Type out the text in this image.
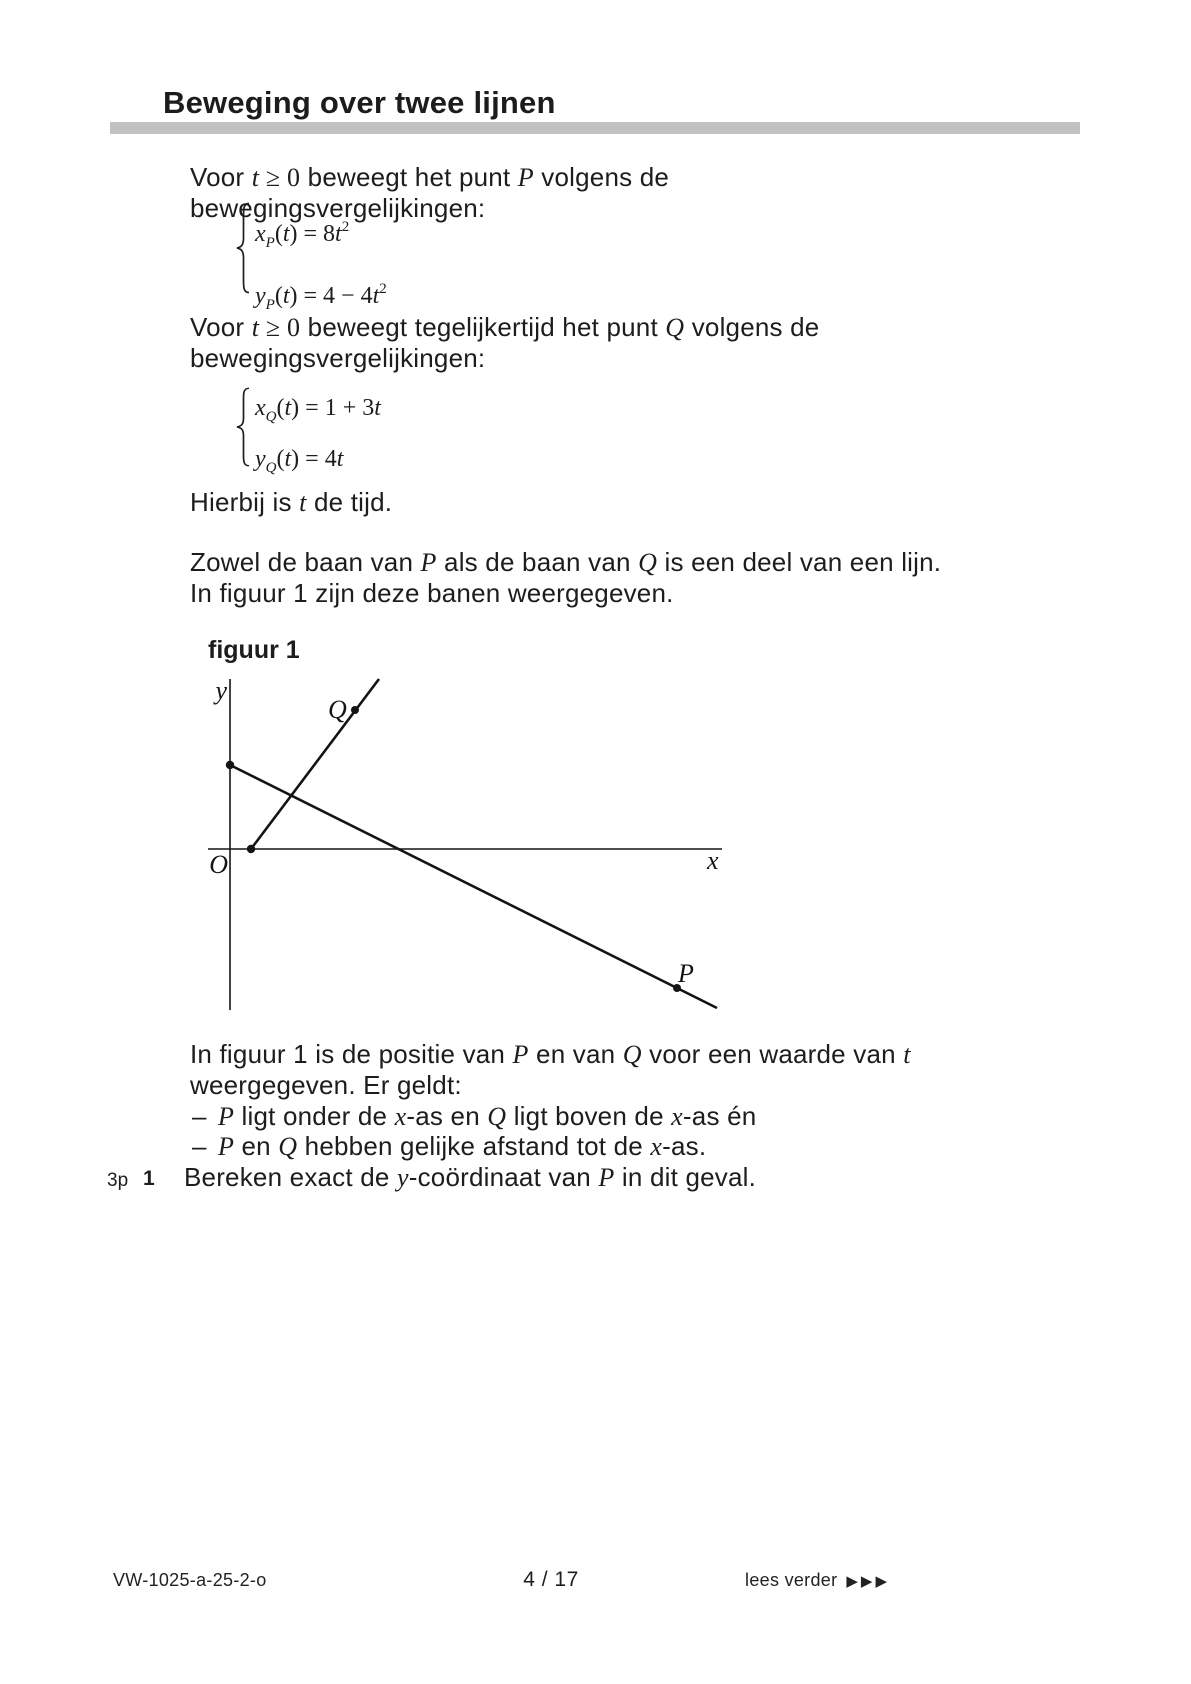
Beweging over twee lijnen
Voor t ≥ 0 beweegt het punt P volgens de bewegingsvergelijkingen:
$x_P(t) = 8t^2$
$y_P(t) = 4 - 4t^2$
Voor t ≥ 0 beweegt tegelijkertijd het punt Q volgens de
bewegingsvergelijkingen:
$x_Q(t) = 1 + 3t$
$y_Q(t) = 4t$
Hierbij is t de tijd.
Zowel de baan van P als de baan van Q is een deel van een lijn.
In figuur 1 zijn deze banen weergegeven.
figuur 1
y
O	x
Q
P
In figuur 1 is de positie van P en van Q voor een waarde van t
weergegeven. Er geldt:
– P ligt onder de x-as en Q ligt boven de x-as én
– P en Q hebben gelijke afstand tot de x-as.
3p 1 Bereken exact de y-coördinaat van P in dit geval.
VW-1025-a-25-2-o	4 / 17	lees verder ▶▶▶
